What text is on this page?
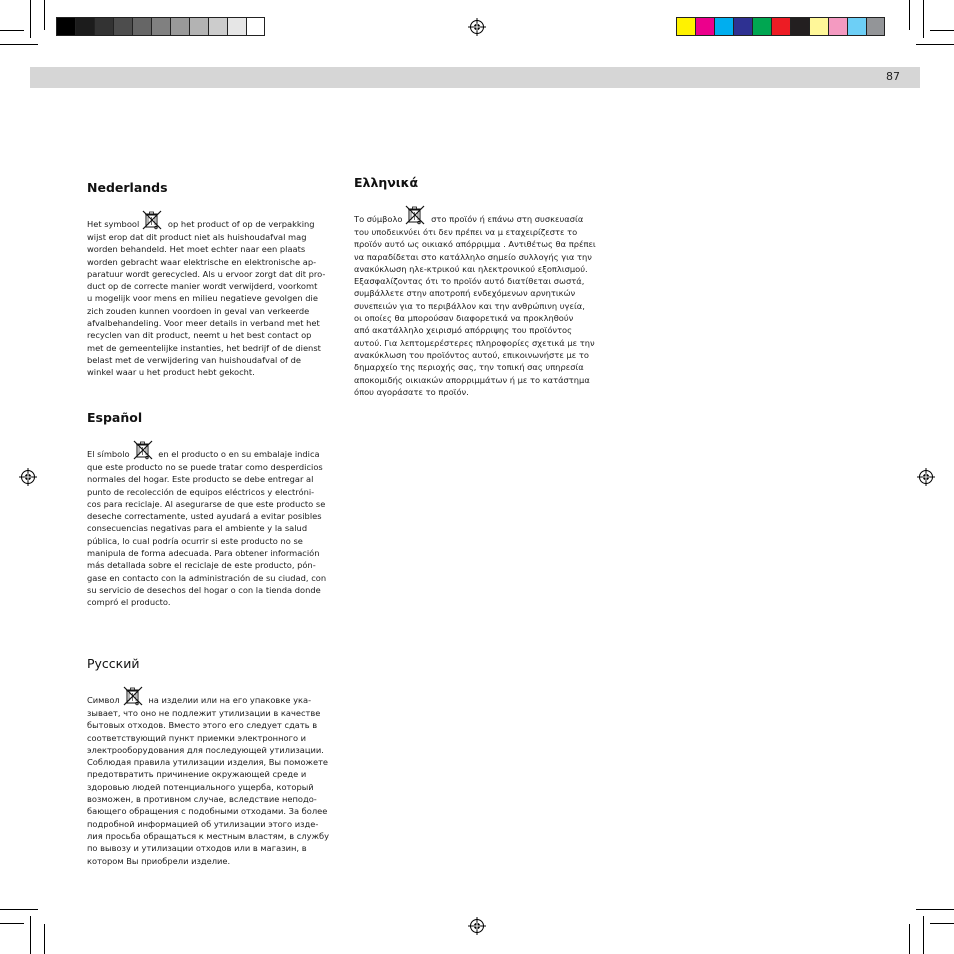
87
Nederlands

Het symbool	op het product of op de verpakking
wijst erop dat dit product niet als huishoudafval mag
worden behandeld. Het moet echter naar een plaats
worden gebracht waar elektrische en elektronische ap-
paratuur wordt gerecycled. Als u ervoor zorgt dat dit pro-
duct op de correcte manier wordt verwijderd, voorkomt
u mogelijk voor mens en milieu negatieve gevolgen die
zich zouden kunnen voordoen in geval van verkeerde
afvalbehandeling. Voor meer details in verband met het
recyclen van dit product, neemt u het best contact op
met de gemeentelijke instanties, het bedrijf of de dienst
belast met de verwijdering van huishoudafval of de
winkel waar u het product hebt gekocht.

Español

El símbolo	en el producto o en su embalaje indica
que este producto no se puede tratar como desperdicios
normales del hogar. Este producto se debe entregar al
punto de recolección de equipos eléctricos y electróni-
cos para reciclaje. Al asegurarse de que este producto se
deseche correctamente, usted ayudará a evitar posibles
consecuencias negativas para el ambiente y la salud
pública, lo cual podría ocurrir si este producto no se
manipula de forma adecuada. Para obtener información
más detallada sobre el reciclaje de este producto, pón-
gase en contacto con la administración de su ciudad, con
su servicio de desechos del hogar o con la tienda donde
compró el producto.

Русский

Символ	на изделии или на его упаковке ука-
зывает, что оно не подлежит утилизации в качестве
бытовых отходов. Вместо этого его следует сдать в
соответствующий пункт приемки электронного и
электрооборудования для последующей утилизации.
Соблюдая правила утилизации изделия, Вы поможете
предотвратить причинение окружающей среде и
здоровью людей потенциального ущерба, который
возможен, в противном случае, вследствие неподо-
бающего обращения с подобными отходами. За более
подробной информацией об утилизации этого изде-
лия просьба обращаться к местным властям, в службу
по вывозу и утилизации отходов или в магазин, в
котором Вы приобрели изделие.

Ελληνικά

Το σύμβολο	στο προϊόν ή επάνω στη συσκευασία
του υποδεικνύει ότι δεν πρέπει να μ εταχειρίζεστε το
προϊόν αυτό ως οικιακό απόρριμμα . Αντιθέτως θα πρέπει
να παραδίδεται στο κατάλληλο σημείο συλλογής για την
ανακύκλωση ηλε-κτρικού και ηλεκτρονικού εξοπλισμού.
Εξασφαλίζοντας ότι το προϊόν αυτό διατίθεται σωστά,
συμβάλλετε στην αποτροπή ενδεχόμενων αρνητικών
συνεπειών για το περιβάλλον και την ανθρώπινη υγεία,
οι οποίες θα μπορούσαν διαφορετικά να προκληθούν
από ακατάλληλο χειρισμό απόρριψης του προϊόντος
αυτού. Για λεπτομερέστερες πληροφορίες σχετικά με την
ανακύκλωση του προϊόντος αυτού, επικοινωνήστε με το
δημαρχείο της περιοχής σας, την τοπική σας υπηρεσία
αποκομιδής οικιακών απορριμμάτων ή με το κατάστημα
όπου αγοράσατε το προϊόν.
